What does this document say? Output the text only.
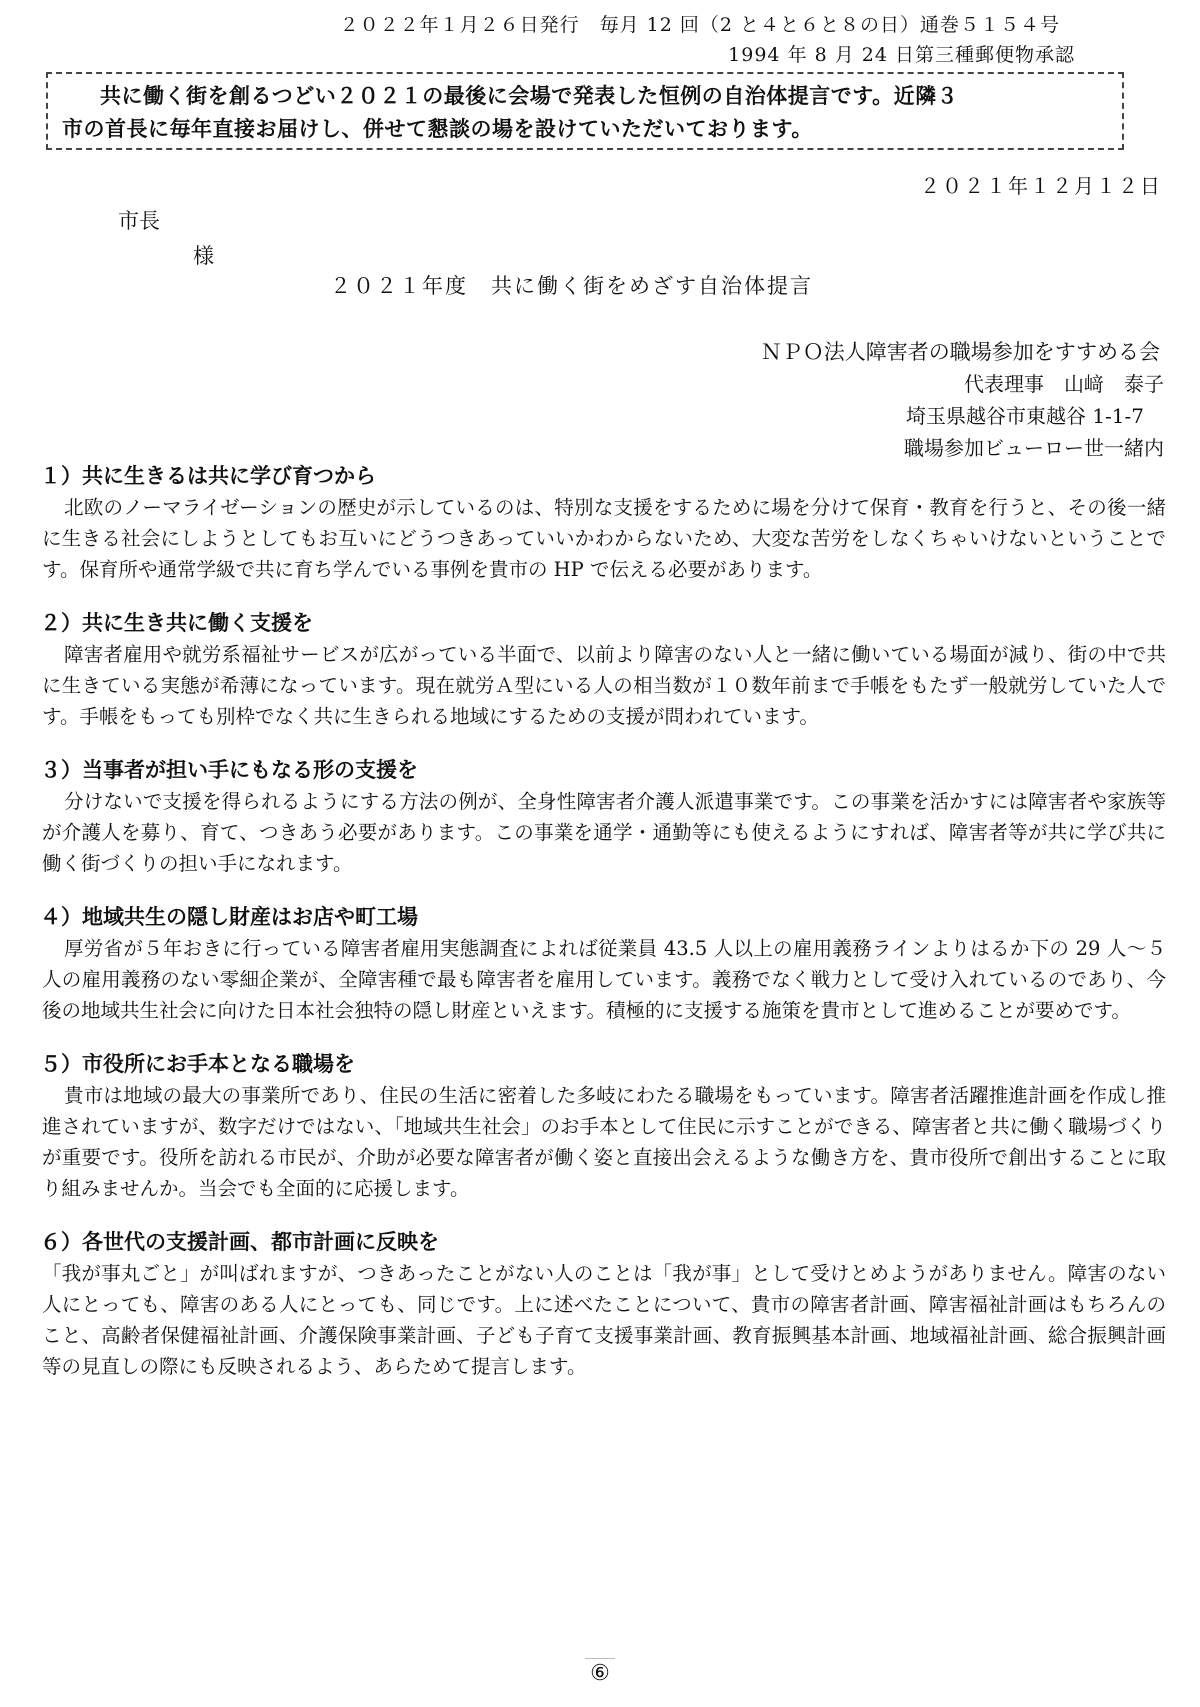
２０２２年１月２６日発行　毎月 12 回（2 と４と６と８の日）通巻５１５４号
1994 年 8 月 24 日第三種郵便物承認

共に働く街を創るつどい２０２１の最後に会場で発表した恒例の自治体提言です。近隣３

市の首長に毎年直接お届けし、併せて懇談の場を設けていただいております。

２０２１年１２月１２日
市長
様
２０２１年度　共に働く街をめざす自治体提言
ＮＰＯ法人障害者の職場参加をすすめる会
代表理事　山﨑　泰子
埼玉県越谷市東越谷 1-1-7
職場参加ビューロー世一緒内
１）共に生きるは共に学び育つから

北欧のノーマライゼーションの歴史が示しているのは、特別な支援をするために場を分けて保育・教育を行うと、その後一緒に生きる社会にしようとしてもお互いにどうつきあっていいかわからないため、大変な苦労をしなくちゃいけないということです。保育所や通常学級で共に育ち学んでいる事例を貴市の HP で伝える必要があります。

２）共に生き共に働く支援を

障害者雇用や就労系福祉サービスが広がっている半面で、以前より障害のない人と一緒に働いている場面が減り、街の中で共に生きている実態が希薄になっています。現在就労Ａ型にいる人の相当数が１０数年前まで手帳をもたず一般就労していた人です。手帳をもっても別枠でなく共に生きられる地域にするための支援が問われています。

３）当事者が担い手にもなる形の支援を

分けないで支援を得られるようにする方法の例が、全身性障害者介護人派遣事業です。この事業を活かすには障害者や家族等が介護人を募り、育て、つきあう必要があります。この事業を通学・通勤等にも使えるようにすれば、障害者等が共に学び共に働く街づくりの担い手になれます。

４）地域共生の隠し財産はお店や町工場

厚労省が５年おきに行っている障害者雇用実態調査によれば従業員 43.5 人以上の雇用義務ラインよりはるか下の 29 人～５人の雇用義務のない零細企業が、全障害種で最も障害者を雇用しています。義務でなく戦力として受け入れているのであり、今後の地域共生社会に向けた日本社会独特の隠し財産といえます。積極的に支援する施策を貴市として進めることが要めです。

５）市役所にお手本となる職場を

貴市は地域の最大の事業所であり、住民の生活に密着した多岐にわたる職場をもっています。障害者活躍推進計画を作成し推進されていますが、数字だけではない、「地域共生社会」のお手本として住民に示すことができる、障害者と共に働く職場づくりが重要です。役所を訪れる市民が、介助が必要な障害者が働く姿と直接出会えるような働き方を、貴市役所で創出することに取り組みませんか。当会でも全面的に応援します。

６）各世代の支援計画、都市計画に反映を

「我が事丸ごと」が叫ばれますが、つきあったことがない人のことは「我が事」として受けとめようがありません。障害のない人にとっても、障害のある人にとっても、同じです。上に述べたことについて、貴市の障害者計画、障害福祉計画はもちろんのこと、高齢者保健福祉計画、介護保険事業計画、子ども子育て支援事業計画、教育振興基本計画、地域福祉計画、総合振興計画等の見直しの際にも反映されるよう、あらためて提言します。

⑥
